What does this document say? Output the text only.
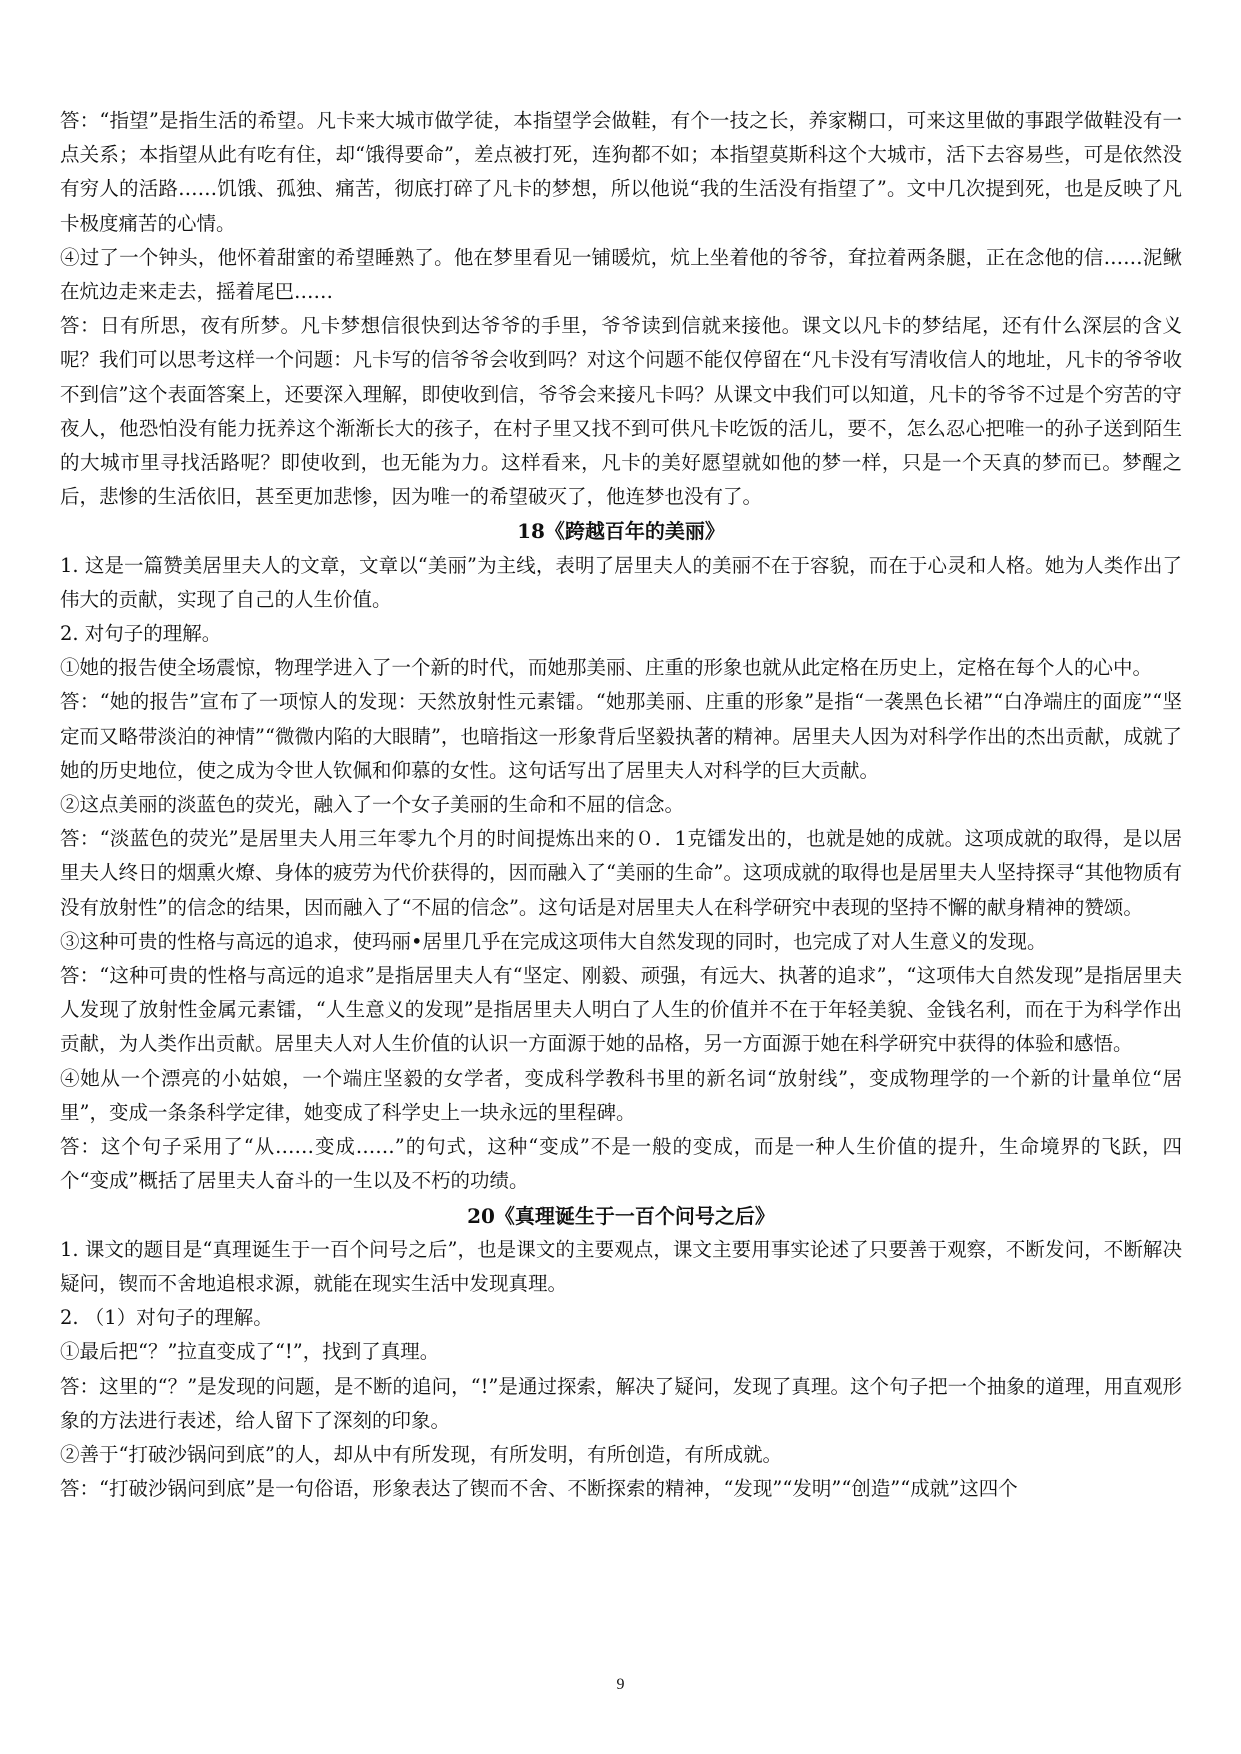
答：“指望”是指生活的希望。凡卡来大城市做学徒，本指望学会做鞋，有个一技之长，养家糊口，可来这里做的事跟学做鞋没有一点关系；本指望从此有吃有住，却“饿得要命”，差点被打死，连狗都不如；本指望莫斯科这个大城市，活下去容易些，可是依然没有穷人的活路……饥饿、孤独、痛苦，彻底打碎了凡卡的梦想，所以他说“我的生活没有指望了”。文中几次提到死，也是反映了凡卡极度痛苦的心情。

④过了一个钟头，他怀着甜蜜的希望睡熟了。他在梦里看见一铺暖炕，炕上坐着他的爷爷，耷拉着两条腿，正在念他的信……泥鳅在炕边走来走去，摇着尾巴……

答：日有所思，夜有所梦。凡卡梦想信很快到达爷爷的手里，爷爷读到信就来接他。课文以凡卡的梦结尾，还有什么深层的含义呢？我们可以思考这样一个问题：凡卡写的信爷爷会收到吗？对这个问题不能仅停留在“凡卡没有写清收信人的地址，凡卡的爷爷收不到信”这个表面答案上，还要深入理解，即使收到信，爷爷会来接凡卡吗？从课文中我们可以知道，凡卡的爷爷不过是个穷苦的守夜人，他恐怕没有能力抚养这个渐渐长大的孩子，在村子里又找不到可供凡卡吃饭的活儿，要不，怎么忍心把唯一的孙子送到陌生的大城市里寻找活路呢？即使收到，也无能为力。这样看来，凡卡的美好愿望就如他的梦一样，只是一个天真的梦而已。梦醒之后，悲惨的生活依旧，甚至更加悲惨，因为唯一的希望破灭了，他连梦也没有了。

18《跨越百年的美丽》

1. 这是一篇赞美居里夫人的文章，文章以“美丽”为主线，表明了居里夫人的美丽不在于容貌，而在于心灵和人格。她为人类作出了伟大的贡献，实现了自己的人生价值。

2. 对句子的理解。

①她的报告使全场震惊，物理学进入了一个新的时代，而她那美丽、庄重的形象也就从此定格在历史上，定格在每个人的心中。

答：“她的报告”宣布了一项惊人的发现：天然放射性元素镭。“她那美丽、庄重的形象”是指“一袭黑色长裙”“白净端庄的面庞”“坚定而又略带淡泊的神情”“微微内陷的大眼睛”，也暗指这一形象背后坚毅执著的精神。居里夫人因为对科学作出的杰出贡献，成就了她的历史地位，使之成为令世人钦佩和仰慕的女性。这句话写出了居里夫人对科学的巨大贡献。

②这点美丽的淡蓝色的荧光，融入了一个女子美丽的生命和不屈的信念。

答：“淡蓝色的荧光”是居里夫人用三年零九个月的时间提炼出来的０．1克镭发出的，也就是她的成就。这项成就的取得，是以居里夫人终日的烟熏火燎、身体的疲劳为代价获得的，因而融入了“美丽的生命”。这项成就的取得也是居里夫人坚持探寻“其他物质有没有放射性”的信念的结果，因而融入了“不屈的信念”。这句话是对居里夫人在科学研究中表现的坚持不懈的献身精神的赞颂。

③这种可贵的性格与高远的追求，使玛丽•居里几乎在完成这项伟大自然发现的同时，也完成了对人生意义的发现。

答：“这种可贵的性格与高远的追求”是指居里夫人有“坚定、刚毅、顽强，有远大、执著的追求”，“这项伟大自然发现”是指居里夫人发现了放射性金属元素镭，“人生意义的发现”是指居里夫人明白了人生的价值并不在于年轻美貌、金钱名利，而在于为科学作出贡献，为人类作出贡献。居里夫人对人生价值的认识一方面源于她的品格，另一方面源于她在科学研究中获得的体验和感悟。

④她从一个漂亮的小姑娘，一个端庄坚毅的女学者，变成科学教科书里的新名词“放射线”，变成物理学的一个新的计量单位“居里”，变成一条条科学定律，她变成了科学史上一块永远的里程碑。

答：这个句子采用了“从……变成……”的句式，这种“变成”不是一般的变成，而是一种人生价值的提升，生命境界的飞跃，四个“变成”概括了居里夫人奋斗的一生以及不朽的功绩。

20《真理诞生于一百个问号之后》

1. 课文的题目是“真理诞生于一百个问号之后”，也是课文的主要观点，课文主要用事实论述了只要善于观察，不断发问，不断解决疑问，锲而不舍地追根求源，就能在现实生活中发现真理。

2. （1）对句子的理解。

①最后把“？”拉直变成了“!”，找到了真理。

答：这里的“？”是发现的问题，是不断的追问，“!”是通过探索，解决了疑问，发现了真理。这个句子把一个抽象的道理，用直观形象的方法进行表述，给人留下了深刻的印象。

②善于“打破沙锅问到底”的人，却从中有所发现，有所发明，有所创造，有所成就。

答：“打破沙锅问到底”是一句俗语，形象表达了锲而不舍、不断探索的精神，“发现”“发明”“创造”“成就”这四个

9
